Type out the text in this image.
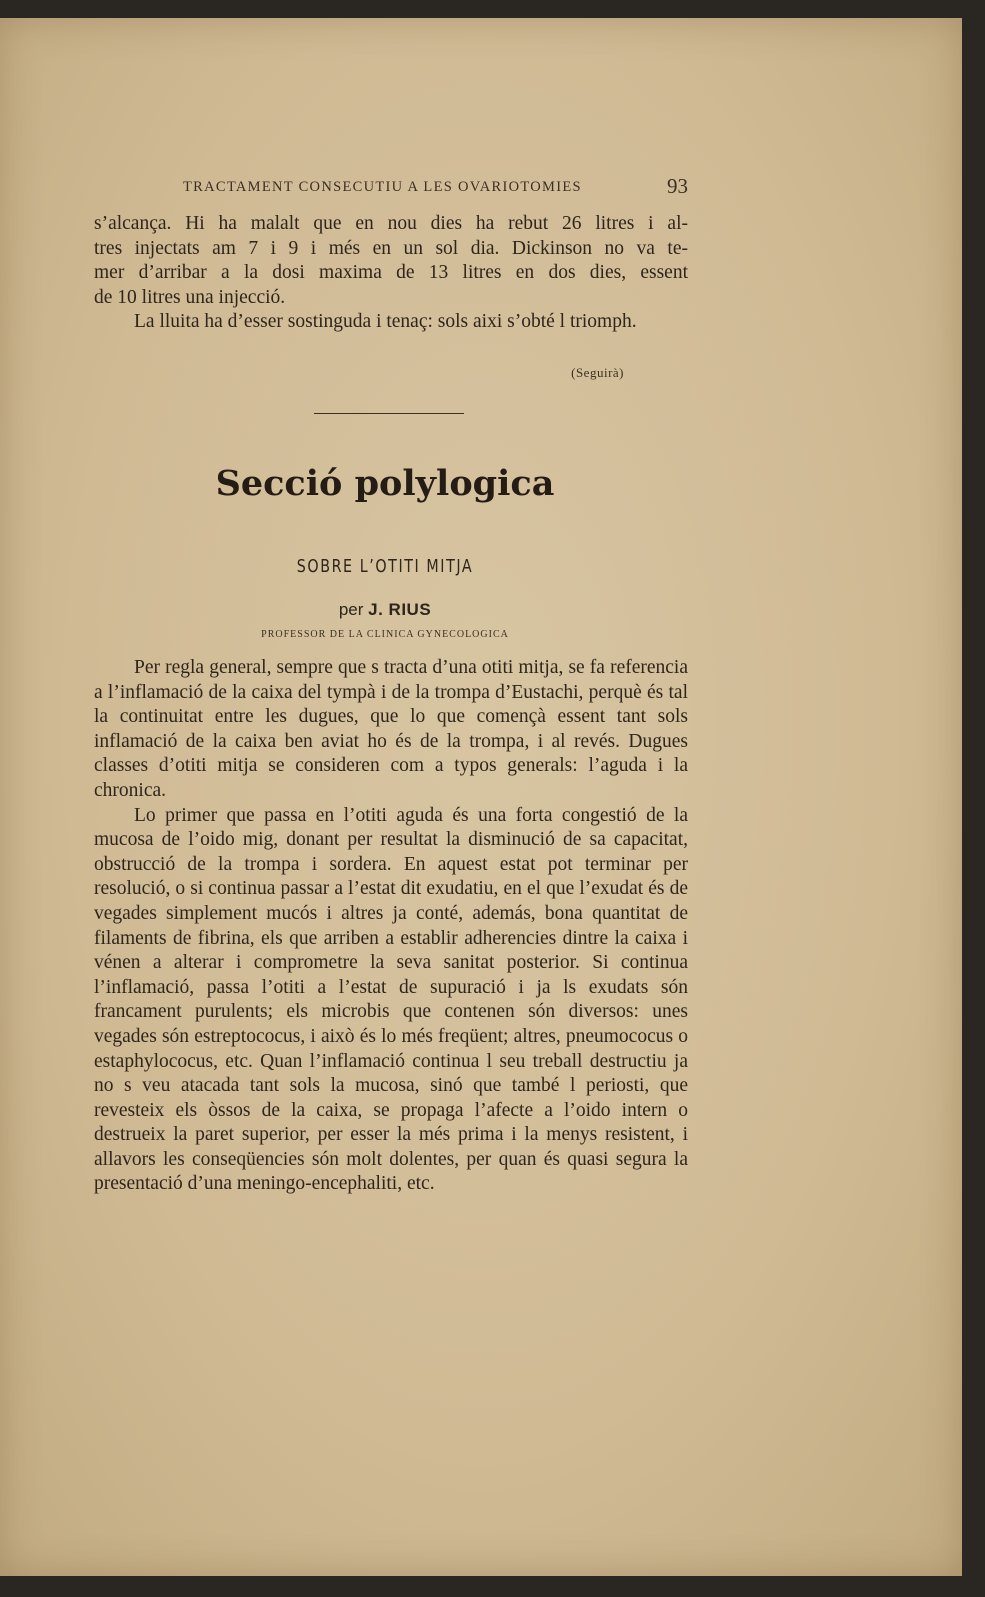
TRACTAMENT CONSECUTIU A LES OVARIOTOMIES	93

s’alcança. Hi ha malalt que en nou dies ha rebut 26 litres i al-

tres injectats am 7 i 9 i més en un sol dia. Dickinson no va te-

mer d’arribar a la dosi maxima de 13 litres en dos dies, essent

de 10 litres una injecció.

La lluita ha d’esser sostinguda i tenaç: sols aixi s’obté l triomph.

(Seguirà)
Secció polylogica
SOBRE L’OTITI MITJA
per J. RIUS
PROFESSOR DE LA CLINICA GYNECOLOGICA

Per regla general, sempre que s tracta d’una otiti mitja, se fa referencia a l’inflamació de la caixa del tympà i de la trompa d’Eustachi, perquè és tal la continuitat entre les dugues, que lo que començà essent tant sols inflamació de la caixa ben aviat ho és de la trompa, i al revés. Dugues classes d’otiti mitja se consideren com a typos generals: l’aguda i la chronica.

Lo primer que passa en l’otiti aguda és una forta congestió de la mucosa de l’oido mig, donant per resultat la disminució de sa capacitat, obstrucció de la trompa i sordera. En aquest estat pot terminar per resolució, o si continua passar a l’estat dit exudatiu, en el que l’exudat és de vegades simplement mucós i altres ja conté, además, bona quantitat de filaments de fibrina, els que arriben a establir adherencies dintre la caixa i vénen a alterar i comprometre la seva sanitat posterior. Si continua l’inflamació, passa l’otiti a l’estat de supuració i ja ls exudats són francament purulents; els microbis que contenen són diversos: unes vegades són estreptococus, i això és lo més freqüent; altres, pneumococus o estaphylococus, etc. Quan l’inflamació continua l seu treball destructiu ja no s veu atacada tant sols la mucosa, sinó que també l periosti, que revesteix els òssos de la caixa, se propaga l’afecte a l’oido intern o destrueix la paret superior, per esser la més prima i la menys resistent, i allavors les conseqüencies són molt dolentes, per quan és quasi segura la presentació d’una meningo-encephaliti, etc.
